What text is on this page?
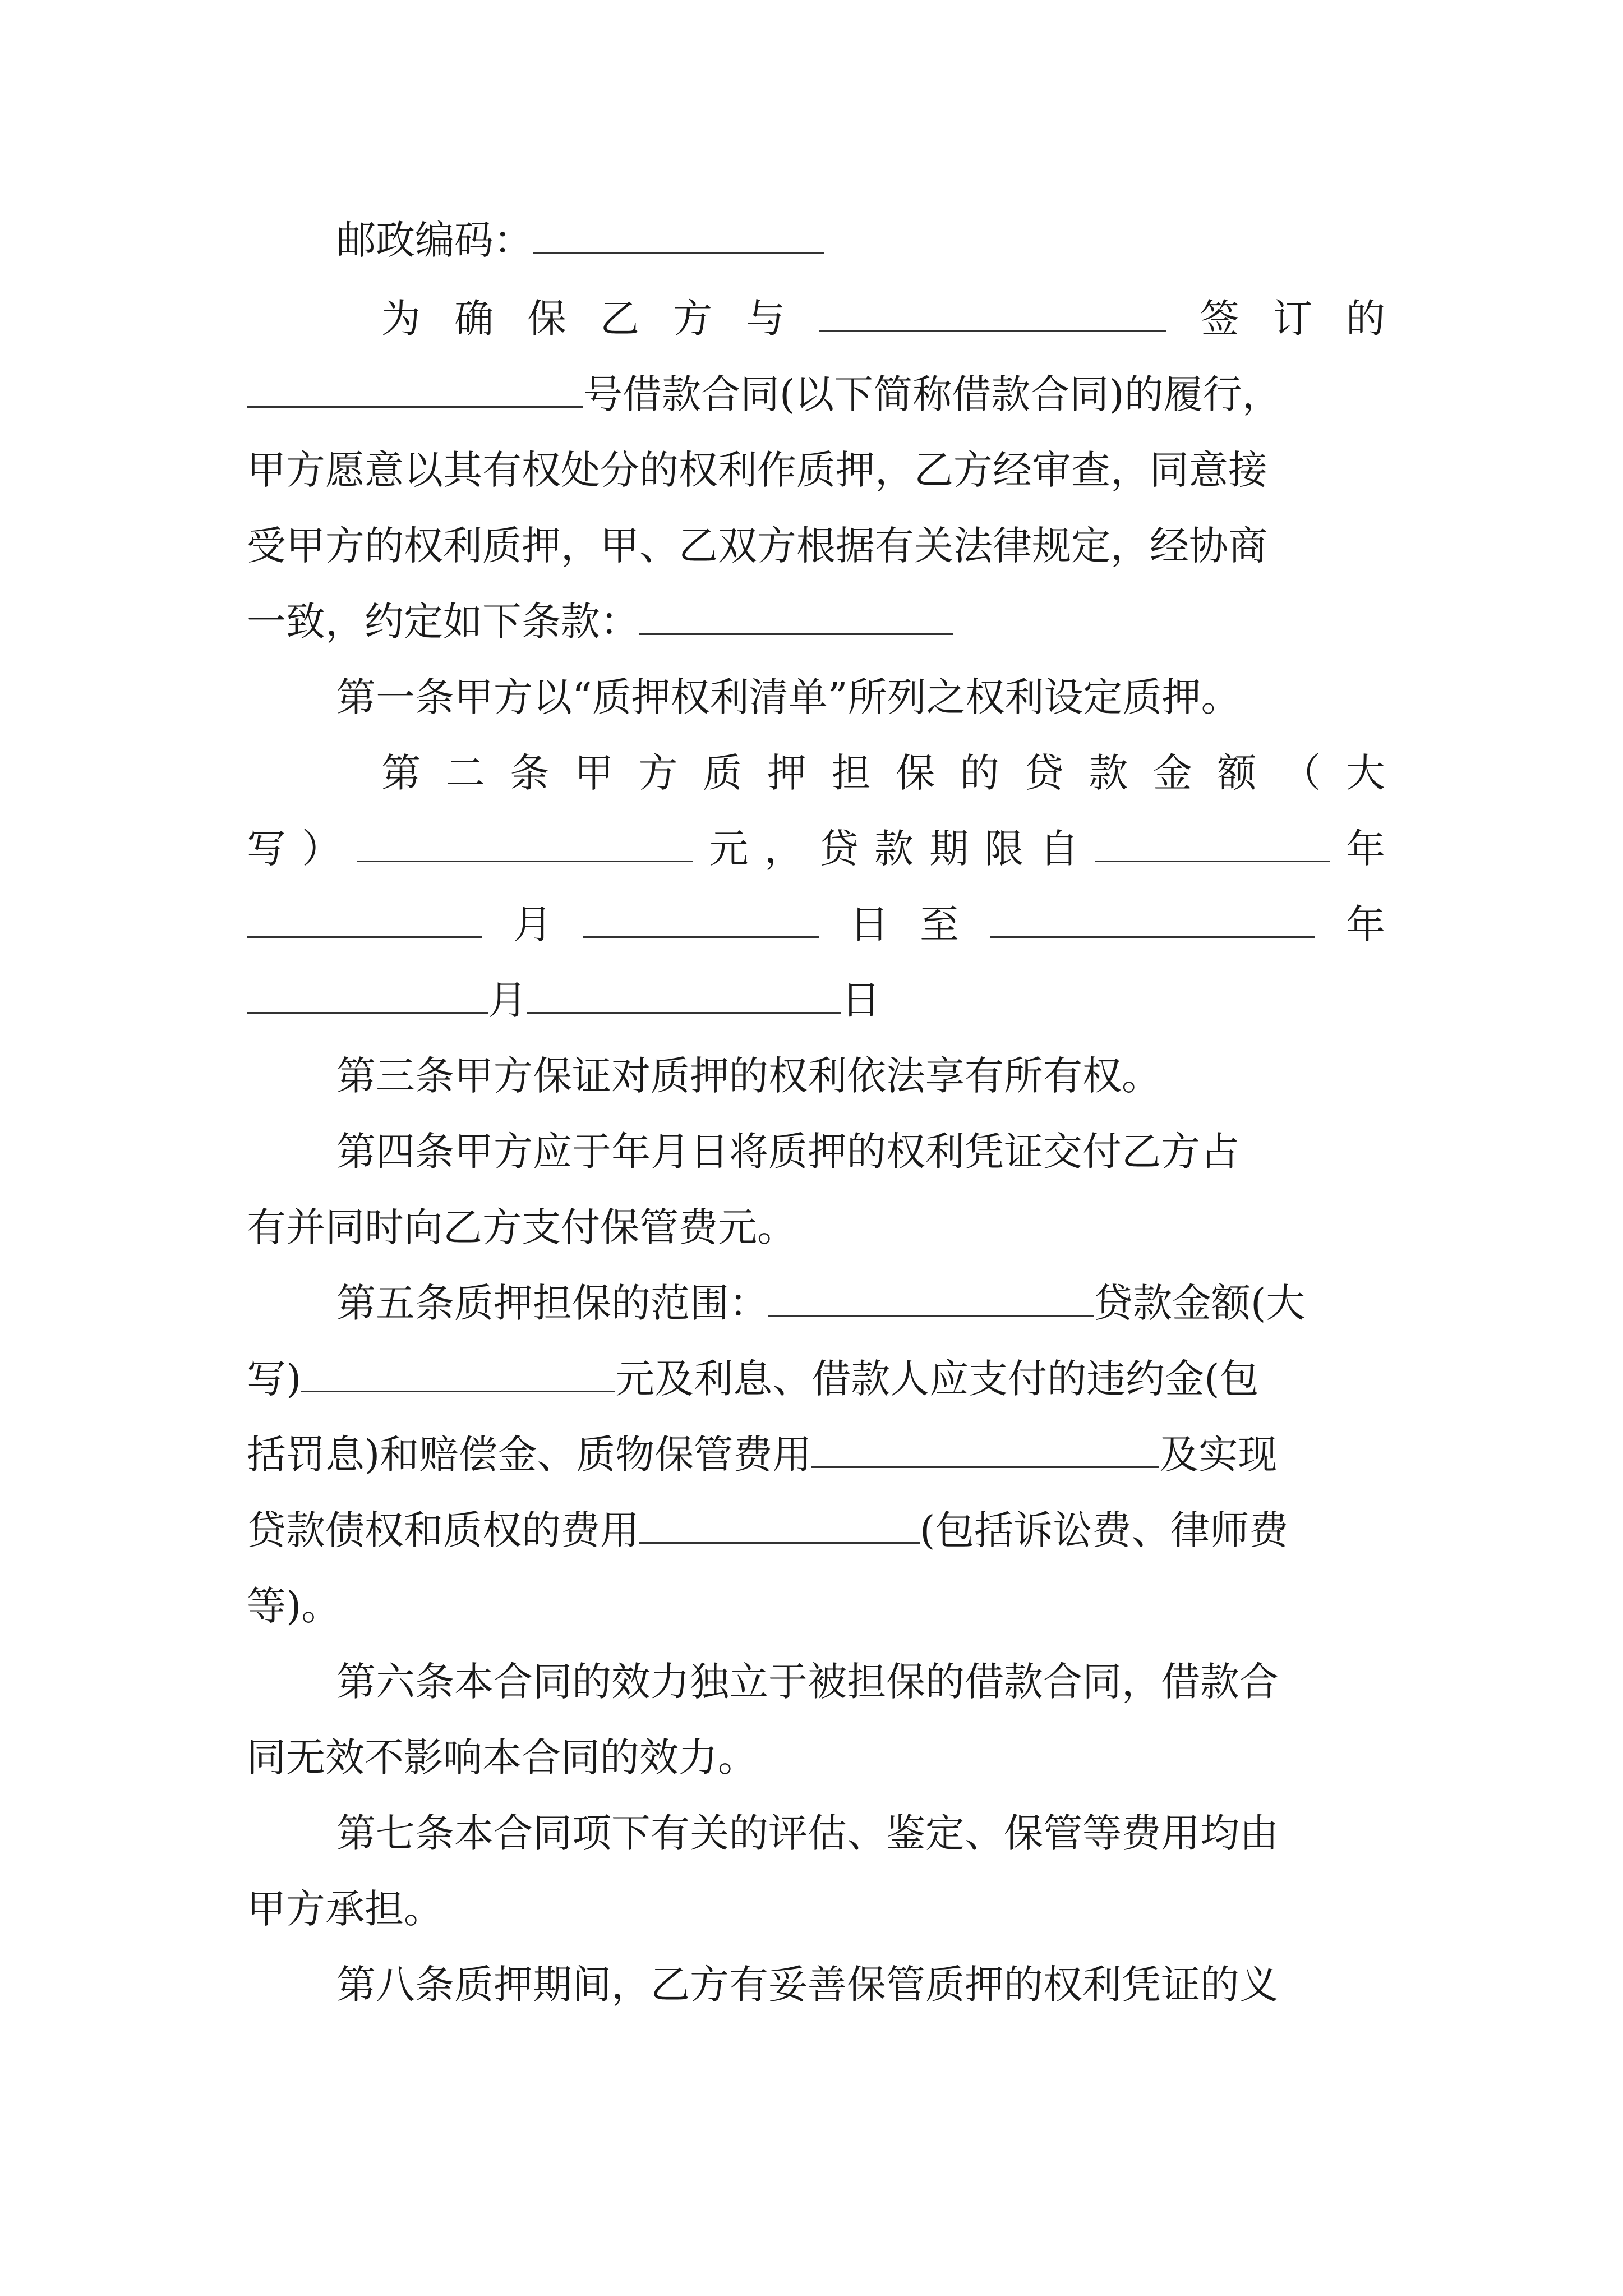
邮政编码：
为 确 保 乙 方 与	签 订 的
号借款合同(以下简称借款合同)的履行，
甲方愿意以其有权处分的权利作质押，乙方经审查，同意接
受甲方的权利质押，甲、乙双方根据有关法律规定，经协商
一致，约定如下条款：
第一条甲方以“质押权利清单”所列之权利设定质押。
第 二 条 甲 方 质 押 担 保 的 贷 款 金 额 （ 大
写 ）	元 ， 贷 款 期 限 自	年
月	日 至	年
月	日
第三条甲方保证对质押的权利依法享有所有权。
第四条甲方应于年月日将质押的权利凭证交付乙方占
有并同时向乙方支付保管费元。
第五条质押担保的范围：	贷款金额(大
写)	元及利息、借款人应支付的违约金(包
括罚息)和赔偿金、质物保管费用	及实现
贷款债权和质权的费用	(包括诉讼费、律师费
等)。
第六条本合同的效力独立于被担保的借款合同，借款合
同无效不影响本合同的效力。
第七条本合同项下有关的评估、鉴定、保管等费用均由
甲方承担。
第八条质押期间，乙方有妥善保管质押的权利凭证的义
